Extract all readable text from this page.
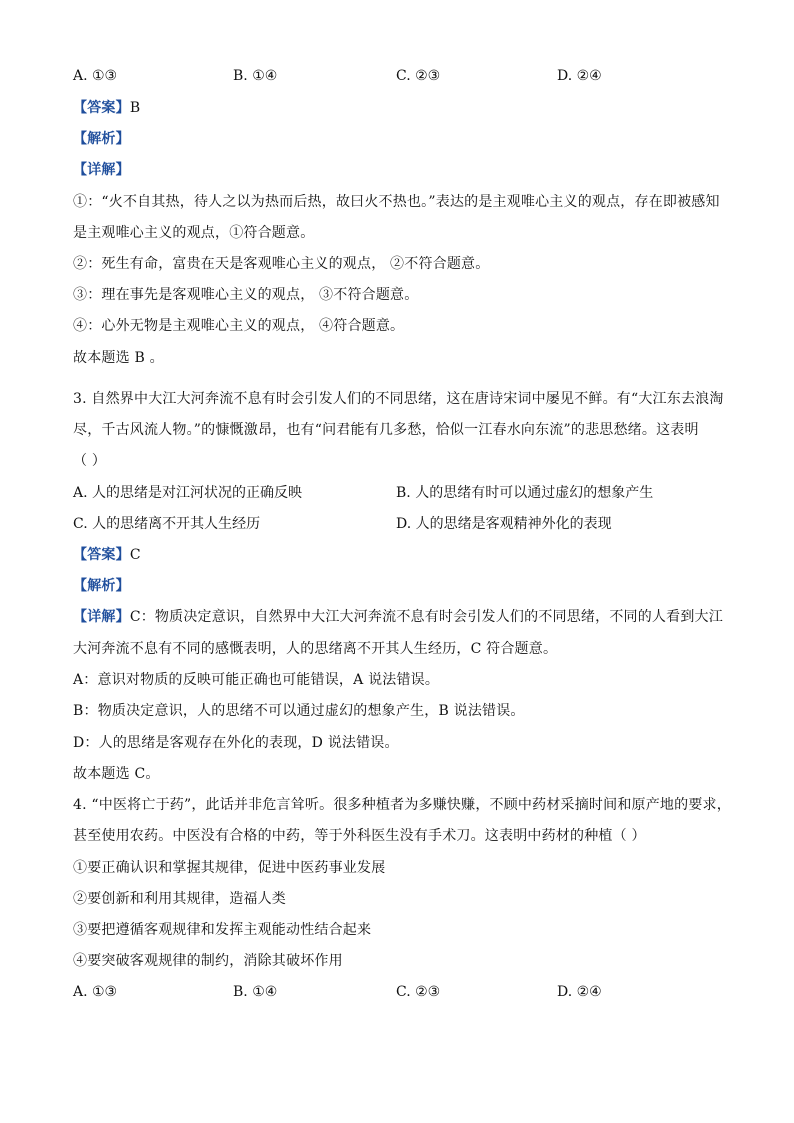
A. ①③	B. ①④	C. ②③	D. ②④
【答案】B
【解析】
【详解】
①：“火不自其热，待人之以为热而后热，故曰火不热也。”表达的是主观唯心主义的观点，存在即被感知
是主观唯心主义的观点，①符合题意。
②：死生有命，富贵在天是客观唯心主义的观点， ②不符合题意。
③：理在事先是客观唯心主义的观点， ③不符合题意。
④：心外无物是主观唯心主义的观点， ④符合题意。
故本题选 B 。
3. 自然界中大江大河奔流不息有时会引发人们的不同思绪，这在唐诗宋词中屡见不鲜。有“大江东去浪淘
尽，千古风流人物。”的慷慨激昂，也有“问君能有几多愁，恰似一江春水向东流”的悲思愁绪。这表明
（ ）
A. 人的思绪是对江河状况的正确反映	B. 人的思绪有时可以通过虚幻的想象产生
C. 人的思绪离不开其人生经历	D. 人的思绪是客观精神外化的表现
【答案】C
【解析】
【详解】C：物质决定意识，自然界中大江大河奔流不息有时会引发人们的不同思绪，不同的人看到大江
大河奔流不息有不同的感慨表明，人的思绪离不开其人生经历，C 符合题意。
A：意识对物质的反映可能正确也可能错误，A 说法错误。
B：物质决定意识，人的思绪不可以通过虚幻的想象产生，B 说法错误。
D：人的思绪是客观存在外化的表现，D 说法错误。
故本题选 C。
4. “中医将亡于药”，此话并非危言耸听。很多种植者为多赚快赚，不顾中药材采摘时间和原产地的要求，
甚至使用农药。中医没有合格的中药，等于外科医生没有手术刀。这表明中药材的种植（ ）
①要正确认识和掌握其规律，促进中医药事业发展
②要创新和利用其规律，造福人类
③要把遵循客观规律和发挥主观能动性结合起来
④要突破客观规律的制约，消除其破坏作用
A. ①③	B. ①④	C. ②③	D. ②④
